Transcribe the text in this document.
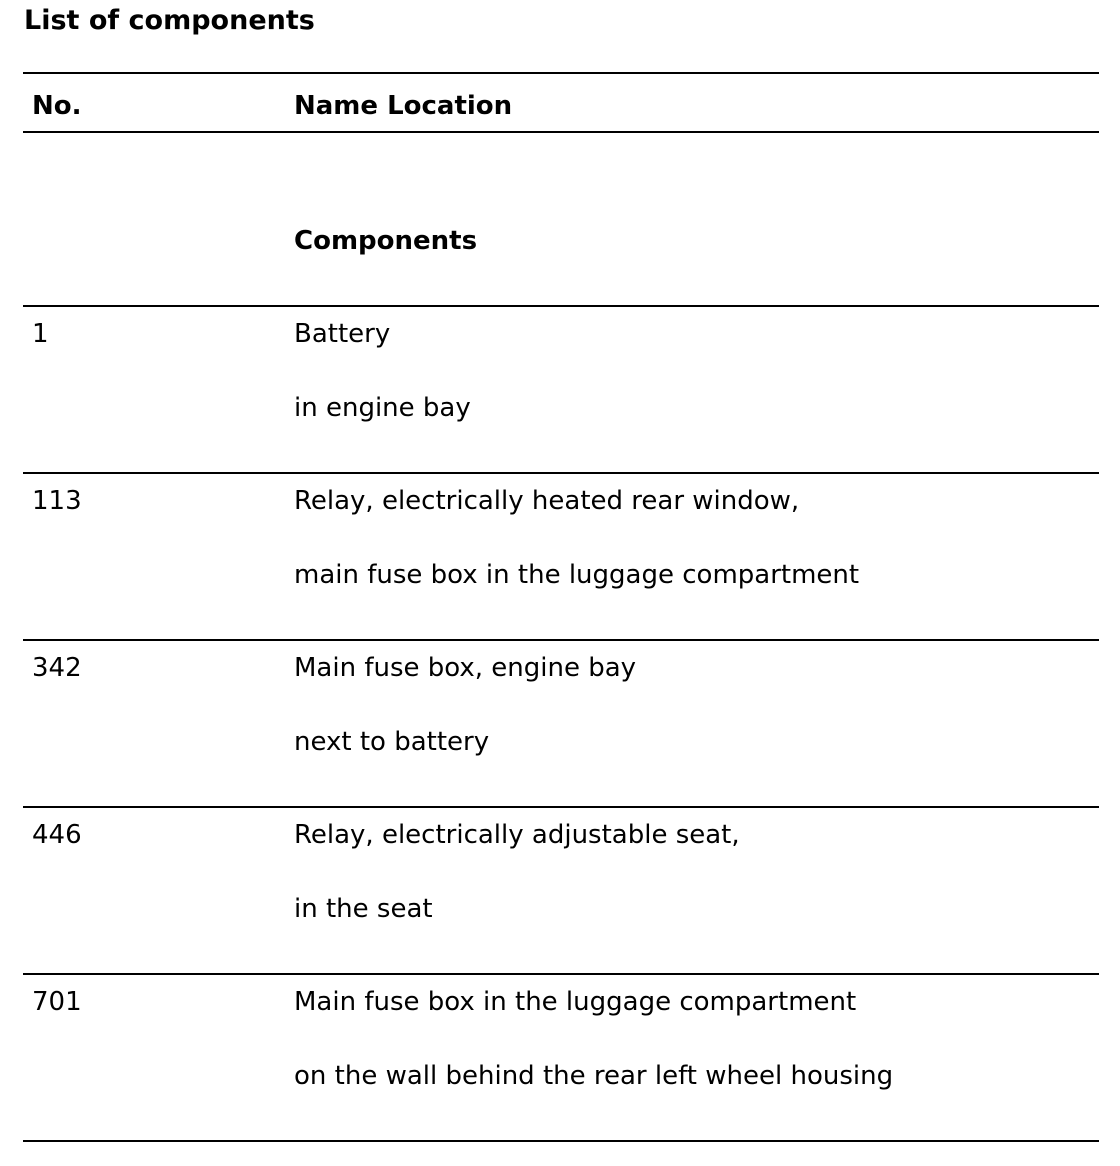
List of components
No.	Name Location
Components
1	Battery
in engine bay
113	Relay, electrically heated rear window,
main fuse box in the luggage compartment
342	Main fuse box, engine bay
next to battery
446	Relay, electrically adjustable seat,
in the seat
701	Main fuse box in the luggage compartment
on the wall behind the rear left wheel housing
